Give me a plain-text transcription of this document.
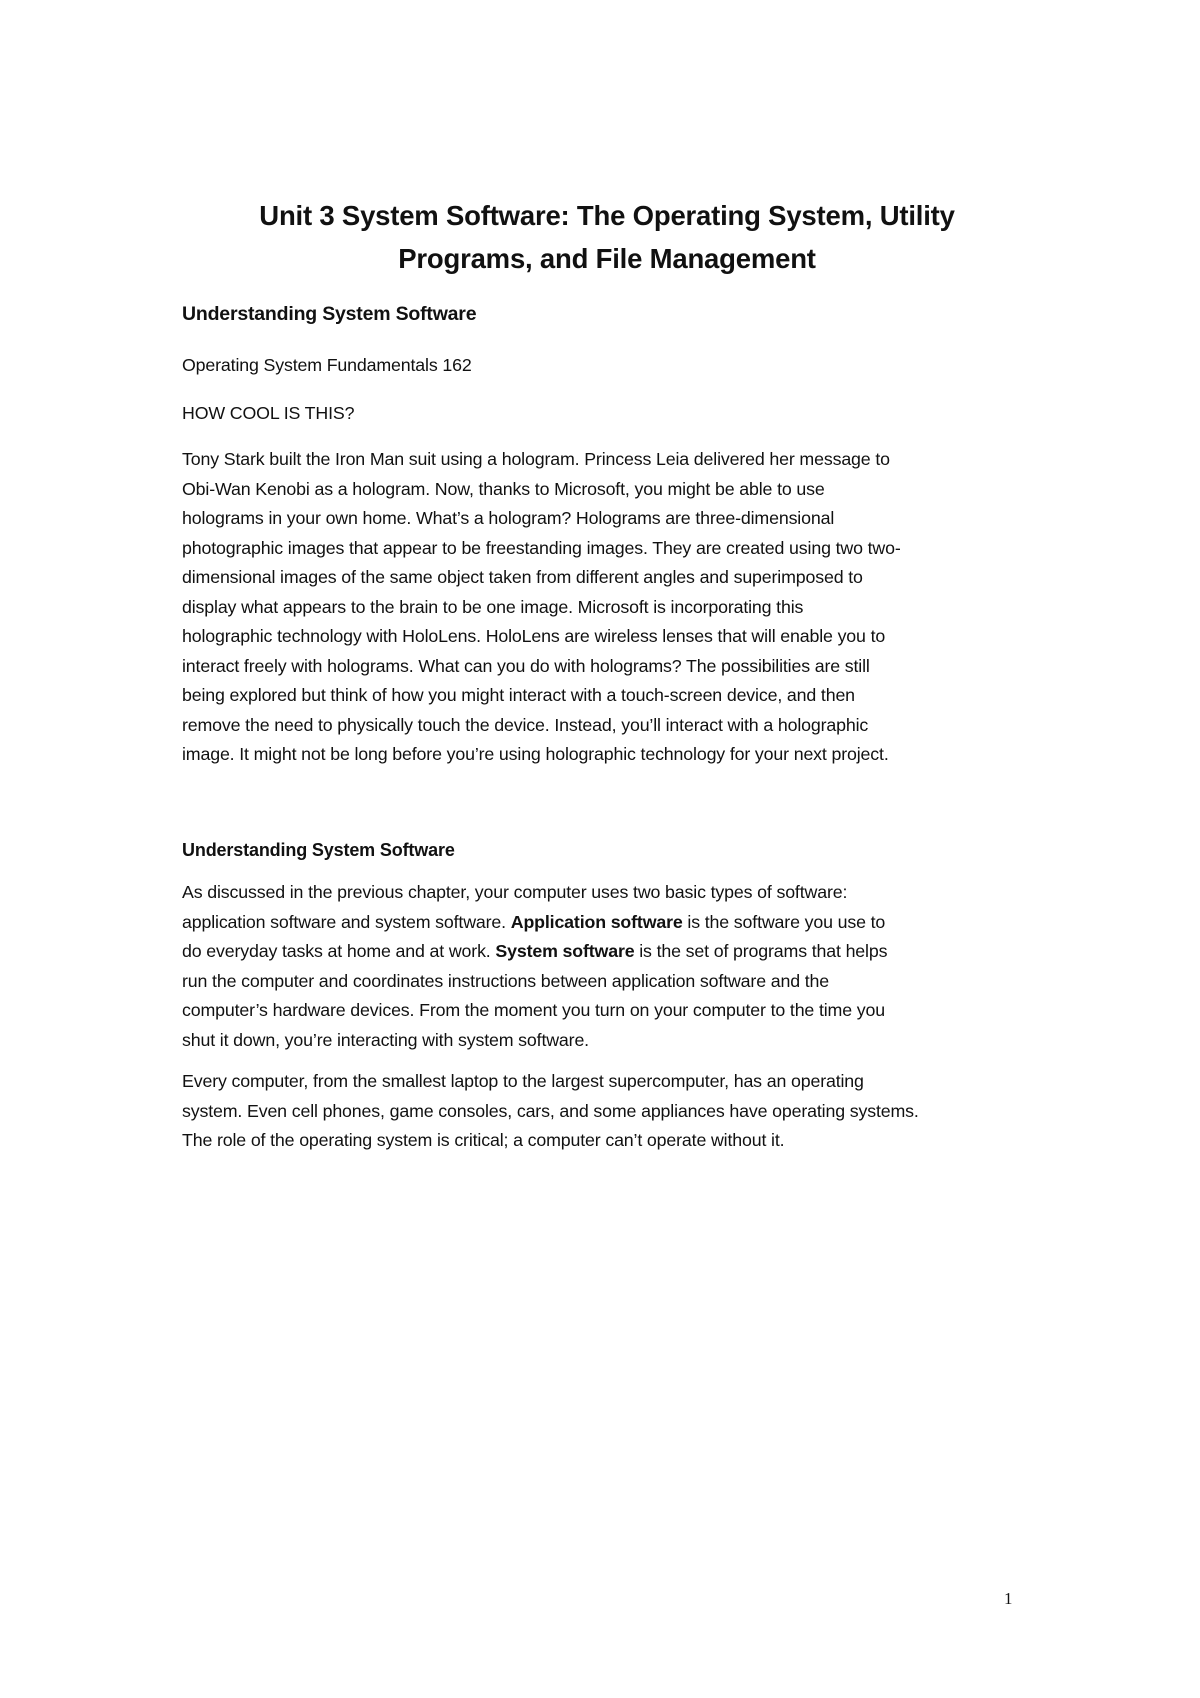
Unit 3 System Software: The Operating System, Utility
Programs, and File Management
Understanding System Software

Operating System Fundamentals 162

HOW COOL IS THIS?

Tony Stark built the Iron Man suit using a hologram. Princess Leia delivered her message to
Obi-Wan Kenobi as a hologram. Now, thanks to Microsoft, you might be able to use
holograms in your own home. What’s a hologram? Holograms are three-dimensional
photographic images that appear to be freestanding images. They are created using two two-
dimensional images of the same object taken from different angles and superimposed to
display what appears to the brain to be one image. Microsoft is incorporating this
holographic technology with HoloLens. HoloLens are wireless lenses that will enable you to
interact freely with holograms. What can you do with holograms? The possibilities are still
being explored but think of how you might interact with a touch-screen device, and then
remove the need to physically touch the device. Instead, you’ll interact with a holographic
image. It might not be long before you’re using holographic technology for your next project.

Understanding System Software

As discussed in the previous chapter, your computer uses two basic types of software:
application software and system software. Application software is the software you use to
do everyday tasks at home and at work. System software is the set of programs that helps
run the computer and coordinates instructions between application software and the
computer’s hardware devices. From the moment you turn on your computer to the time you
shut it down, you’re interacting with system software.

Every computer, from the smallest laptop to the largest supercomputer, has an operating
system. Even cell phones, game consoles, cars, and some appliances have operating systems.
The role of the operating system is critical; a computer can’t operate without it.

1
